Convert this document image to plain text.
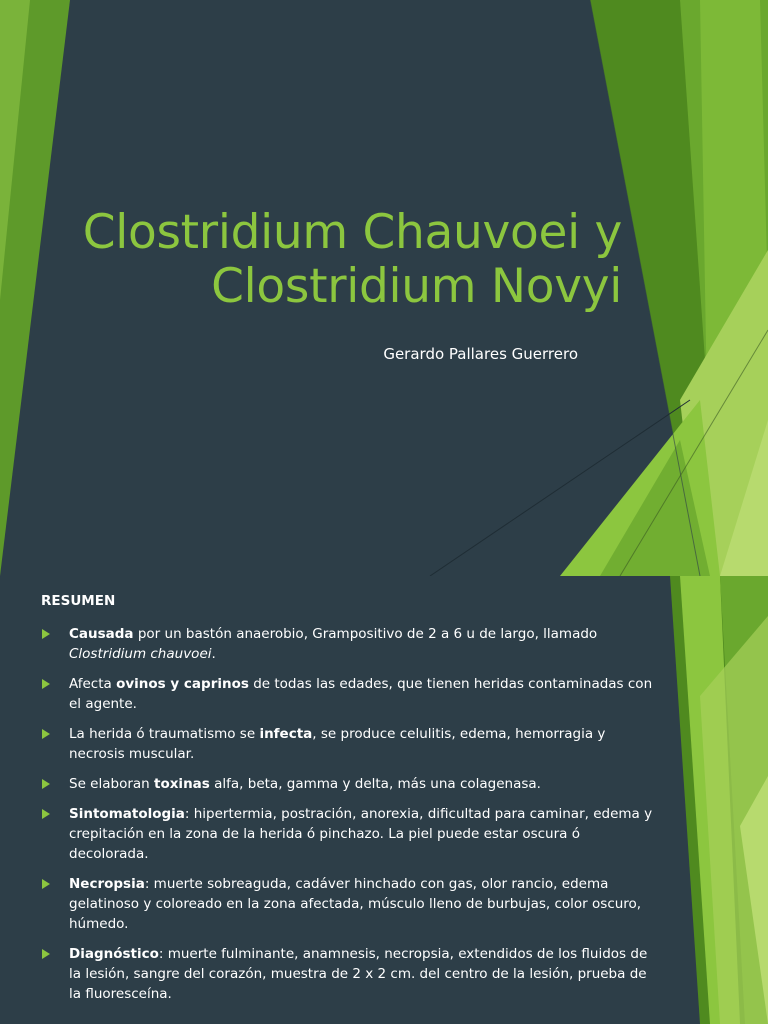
Clostridium Chauvoei y
Clostridium Novyi

Gerardo Pallares Guerrero

RESUMEN

Causada por un bastón anaerobio, Grampositivo de 2 a 6 u de largo, llamado Clostridium chauvoei.
Afecta ovinos y caprinos de todas las edades, que tienen heridas contaminadas con el agente.
La herida ó traumatismo se infecta, se produce celulitis, edema, hemorragia y necrosis muscular.
Se elaboran toxinas alfa, beta, gamma y delta, más una colagenasa.
Sintomatologia: hipertermia, postración, anorexia, dificultad para caminar, edema y crepitación en la zona de la herida ó pinchazo. La piel puede estar oscura ó decolorada.
Necropsia: muerte sobreaguda, cadáver hinchado con gas, olor rancio, edema gelatinoso y coloreado en la zona afectada, músculo lleno de burbujas, color oscuro, húmedo.
Diagnóstico: muerte fulminante, anamnesis, necropsia, extendidos de los fluidos de la lesión, sangre del corazón, muestra de 2 x 2 cm. del centro de la lesión, prueba de la fluoresceína.
